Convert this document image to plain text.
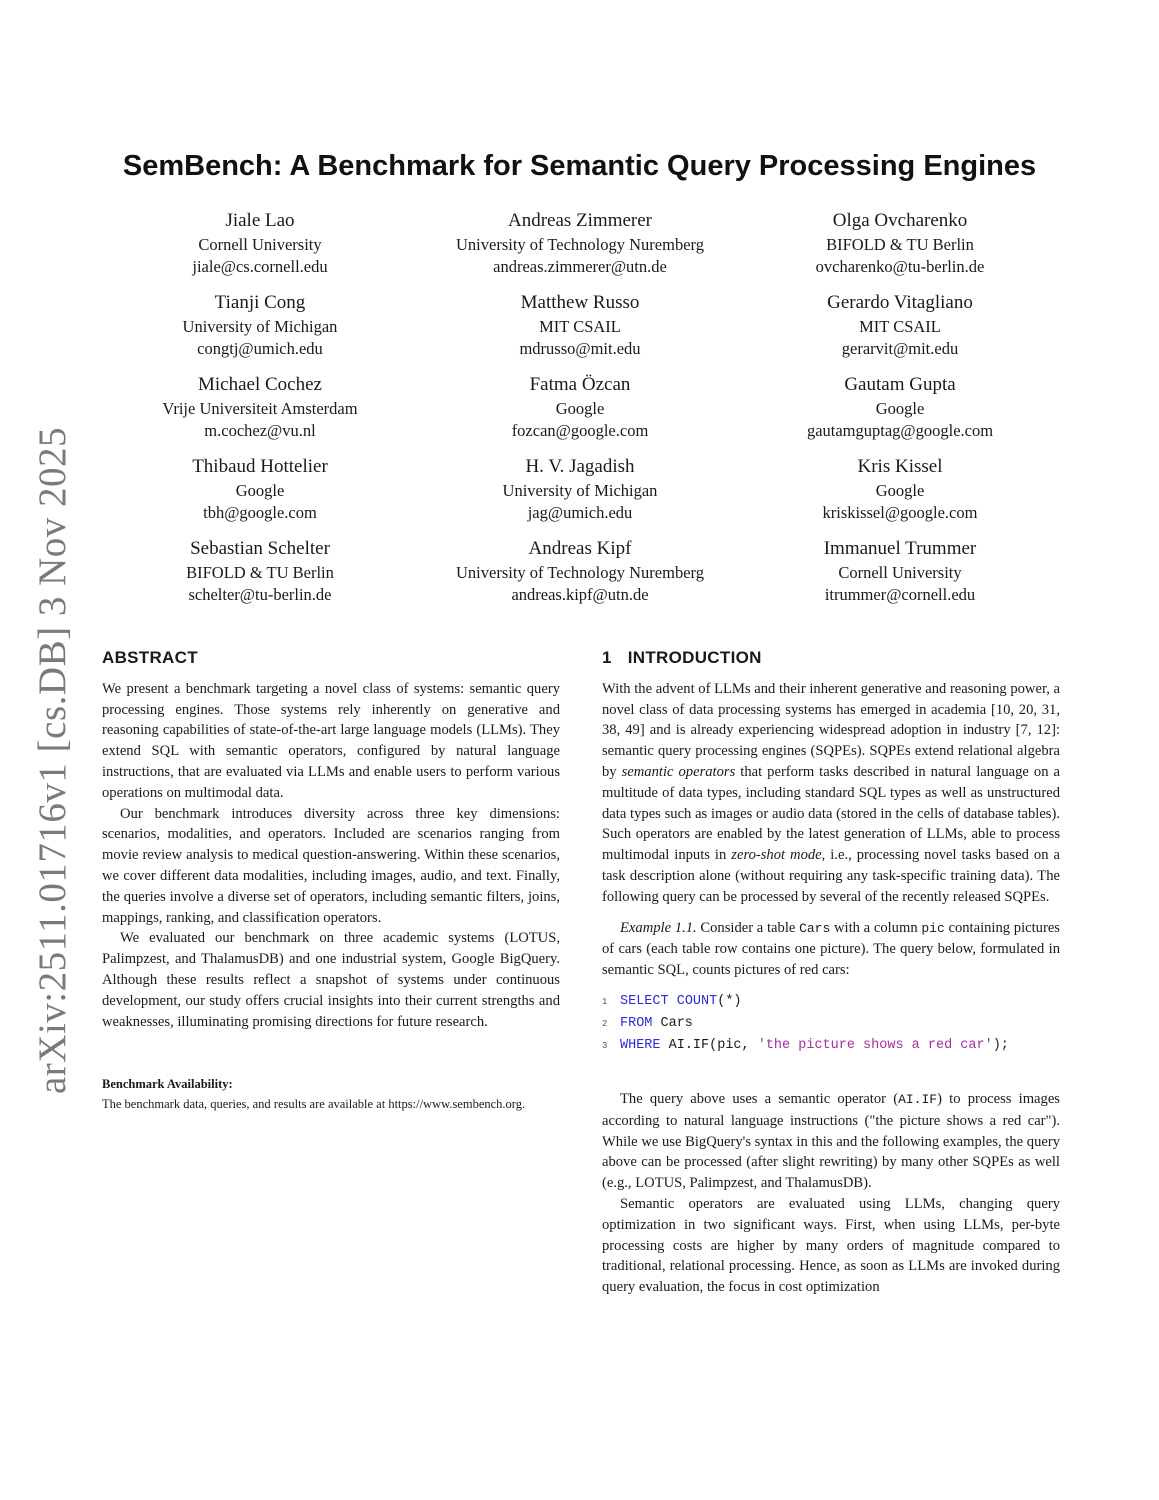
arXiv:2511.01716v1 [cs.DB] 3 Nov 2025
SemBench: A Benchmark for Semantic Query Processing Engines
Jiale Lao
Cornell University
jiale@cs.cornell.edu
Andreas Zimmerer
University of Technology Nuremberg
andreas.zimmerer@utn.de
Olga Ovcharenko
BIFOLD & TU Berlin
ovcharenko@tu-berlin.de
Tianji Cong
University of Michigan
congtj@umich.edu
Matthew Russo
MIT CSAIL
mdrusso@mit.edu
Gerardo Vitagliano
MIT CSAIL
gerarvit@mit.edu
Michael Cochez
Vrije Universiteit Amsterdam
m.cochez@vu.nl
Fatma Özcan
Google
fozcan@google.com
Gautam Gupta
Google
gautamguptag@google.com
Thibaud Hottelier
Google
tbh@google.com
H. V. Jagadish
University of Michigan
jag@umich.edu
Kris Kissel
Google
kriskissel@google.com
Sebastian Schelter
BIFOLD & TU Berlin
schelter@tu-berlin.de
Andreas Kipf
University of Technology Nuremberg
andreas.kipf@utn.de
Immanuel Trummer
Cornell University
itrummer@cornell.edu
ABSTRACT

We present a benchmark targeting a novel class of systems: semantic query processing engines. Those systems rely inherently on generative and reasoning capabilities of state-of-the-art large language models (LLMs). They extend SQL with semantic operators, configured by natural language instructions, that are evaluated via LLMs and enable users to perform various operations on multimodal data.

Our benchmark introduces diversity across three key dimensions: scenarios, modalities, and operators. Included are scenarios ranging from movie review analysis to medical question-answering. Within these scenarios, we cover different data modalities, including images, audio, and text. Finally, the queries involve a diverse set of operators, including semantic filters, joins, mappings, ranking, and classification operators.

We evaluated our benchmark on three academic systems (LOTUS, Palimpzest, and ThalamusDB) and one industrial system, Google BigQuery. Although these results reflect a snapshot of systems under continuous development, our study offers crucial insights into their current strengths and weaknesses, illuminating promising directions for future research.

Benchmark Availability:
The benchmark data, queries, and results are available at https://www.sembench.org.
1 INTRODUCTION

With the advent of LLMs and their inherent generative and reasoning power, a novel class of data processing systems has emerged in academia [10, 20, 31, 38, 49] and is already experiencing widespread adoption in industry [7, 12]: semantic query processing engines (SQPEs). SQPEs extend relational algebra by semantic operators that perform tasks described in natural language on a multitude of data types, including standard SQL types as well as unstructured data types such as images or audio data (stored in the cells of database tables). Such operators are enabled by the latest generation of LLMs, able to process multimodal inputs in zero-shot mode, i.e., processing novel tasks based on a task description alone (without requiring any task-specific training data). The following query can be processed by several of the recently released SQPEs.

Example 1.1. Consider a table Cars with a column pic containing pictures of cars (each table row contains one picture). The query below, formulated in semantic SQL, counts pictures of red cars:

1 SELECT
COUNT (*)
2 FROM Cars
3 WHERE AI.IF(pic, 'the picture shows a red car' );

The query above uses a semantic operator (AI.IF) to process images according to natural language instructions ("the picture shows a red car"). While we use BigQuery's syntax in this and the following examples, the query above can be processed (after slight rewriting) by many other SQPEs as well (e.g., LOTUS, Palimpzest, and ThalamusDB).

Semantic operators are evaluated using LLMs, changing query optimization in two significant ways. First, when using LLMs, per-byte processing costs are higher by many orders of magnitude compared to traditional, relational processing. Hence, as soon as LLMs are invoked during query evaluation, the focus in cost optimization
